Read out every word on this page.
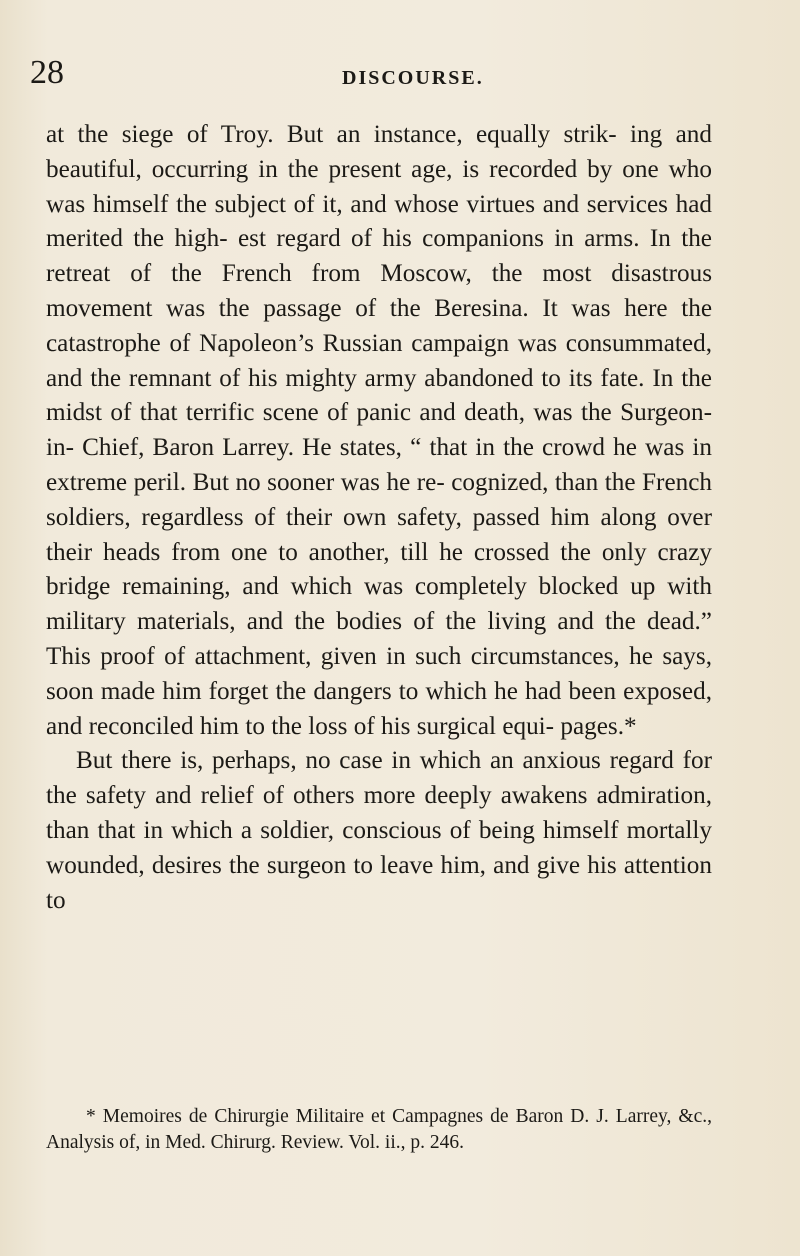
28	DISCOURSE.

at the siege of Troy. But an instance, equally strik- ing and beautiful, occurring in the present age, is recorded by one who was himself the subject of it, and whose virtues and services had merited the high- est regard of his companions in arms. In the retreat of the French from Moscow, the most disastrous movement was the passage of the Beresina. It was here the catastrophe of Napoleon’s Russian campaign was consummated, and the remnant of his mighty army abandoned to its fate. In the midst of that terrific scene of panic and death, was the Surgeon-in- Chief, Baron Larrey. He states, “ that in the crowd he was in extreme peril. But no sooner was he re- cognized, than the French soldiers, regardless of their own safety, passed him along over their heads from one to another, till he crossed the only crazy bridge remaining, and which was completely blocked up with military materials, and the bodies of the living and the dead.” This proof of attachment, given in such circumstances, he says, soon made him forget the dangers to which he had been exposed, and reconciled him to the loss of his surgical equi- pages.*

But there is, perhaps, no case in which an anxious regard for the safety and relief of others more deeply awakens admiration, than that in which a soldier, conscious of being himself mortally wounded, desires the surgeon to leave him, and give his attention to

* Memoires de Chirurgie Militaire et Campagnes de Baron D. J. Larrey, &c., Analysis of, in Med. Chirurg. Review. Vol. ii., p. 246.
